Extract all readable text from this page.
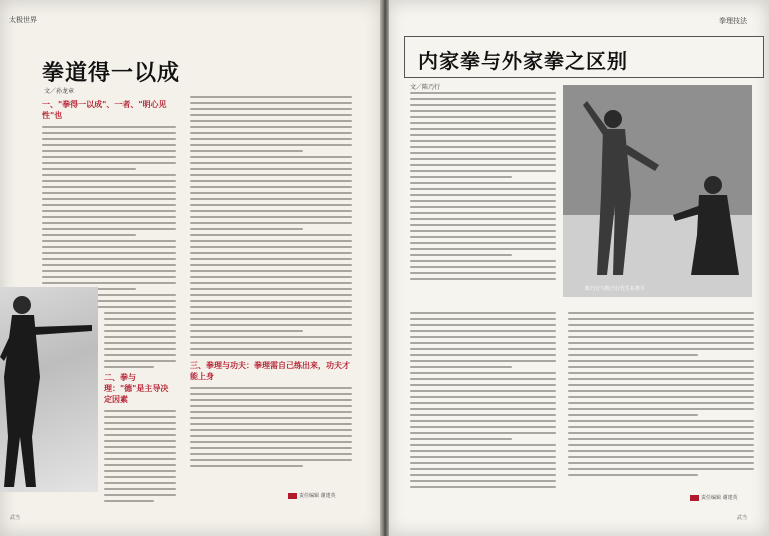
太极世界
拳道得一以成
文／孙龙章
一、"拳得一以成"、一者、"明心见性"也
二、拳与理："德"是主导决定因素
三、拳理与功夫：拳理需自己练出来，功夫才能上身
责任编辑 谢建英
武当
拳理技法
内家拳与外家拳之区别
文／陈乃行
陈乃行与陈乃行先生在推手
责任编辑 谢建英
武当
